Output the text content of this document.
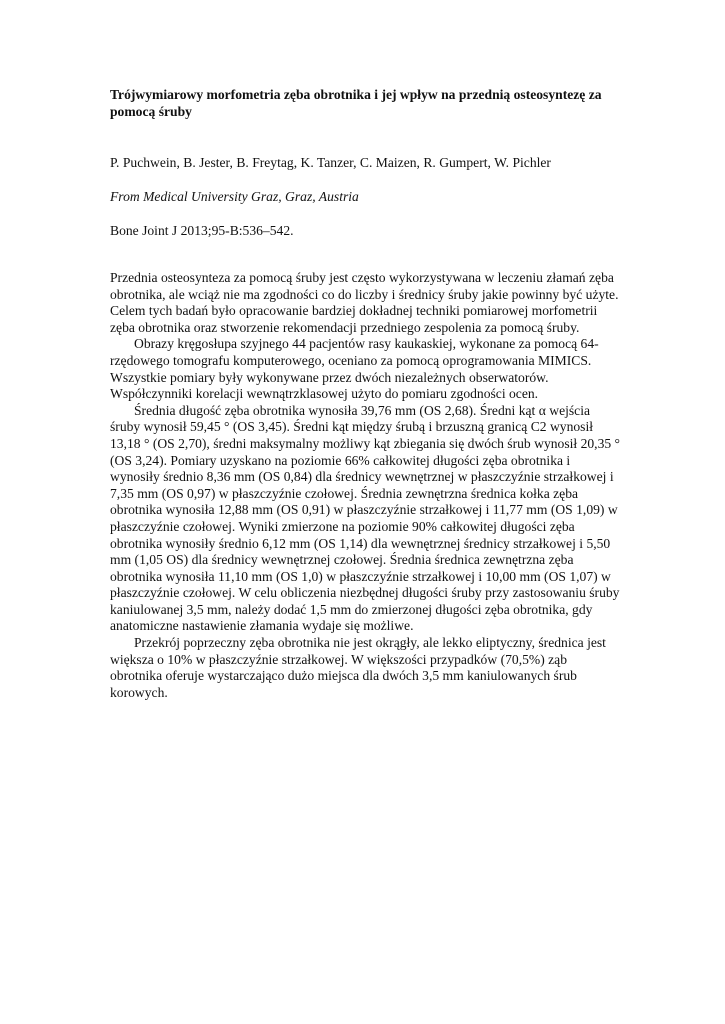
Trójwymiarowy morfometria zęba obrotnika i jej wpływ na przednią osteosyntezę za pomocą śruby

P. Puchwein, B. Jester, B. Freytag, K. Tanzer, C. Maizen, R. Gumpert, W. Pichler

From Medical University Graz, Graz, Austria

Bone Joint J 2013;95-B:536–542.

Przednia osteosynteza za pomocą śruby jest często wykorzystywana w leczeniu złamań zęba obrotnika, ale wciąż nie ma zgodności co do liczby i średnicy śruby jakie powinny być użyte. Celem tych badań było opracowanie bardziej dokładnej techniki pomiarowej morfometrii zęba obrotnika oraz stworzenie rekomendacji przedniego zespolenia za pomocą śruby.

Obrazy kręgosłupa szyjnego 44 pacjentów rasy kaukaskiej, wykonane za pomocą 64-rzędowego tomografu komputerowego, oceniano za pomocą oprogramowania MIMICS. Wszystkie pomiary były wykonywane przez dwóch niezależnych obserwatorów. Współczynniki korelacji wewnątrzklasowej użyto do pomiaru zgodności ocen.

Średnia długość zęba obrotnika wynosiła 39,76 mm (OS 2,68). Średni kąt α wejścia śruby wynosił 59,45 ° (OS 3,45). Średni kąt między śrubą i brzuszną granicą C2 wynosił 13,18 ° (OS 2,70), średni maksymalny możliwy kąt zbiegania się dwóch śrub wynosił 20,35 ° (OS 3,24). Pomiary uzyskano na poziomie 66% całkowitej długości zęba obrotnika i wynosiły średnio 8,36 mm (OS 0,84) dla średnicy wewnętrznej w płaszczyźnie strzałkowej i 7,35 mm (OS 0,97) w płaszczyźnie czołowej. Średnia zewnętrzna średnica kołka zęba obrotnika wynosiła 12,88 mm (OS 0,91) w płaszczyźnie strzałkowej i 11,77 mm (OS 1,09) w płaszczyźnie czołowej. Wyniki zmierzone na poziomie 90% całkowitej długości zęba obrotnika wynosiły średnio 6,12 mm (OS 1,14) dla wewnętrznej średnicy strzałkowej i 5,50 mm (1,05 OS) dla średnicy wewnętrznej czołowej. Średnia średnica zewnętrzna zęba obrotnika wynosiła 11,10 mm (OS 1,0) w płaszczyźnie strzałkowej i 10,00 mm (OS 1,07) w płaszczyźnie czołowej. W celu obliczenia niezbędnej długości śruby przy zastosowaniu śruby kaniulowanej 3,5 mm, należy dodać 1,5 mm do zmierzonej długości zęba obrotnika, gdy anatomiczne nastawienie złamania wydaje się możliwe.

Przekrój poprzeczny zęba obrotnika nie jest okrągły, ale lekko eliptyczny, średnica jest większa o 10% w płaszczyźnie strzałkowej. W większości przypadków (70,5%) ząb obrotnika oferuje wystarczająco dużo miejsca dla dwóch 3,5 mm kaniulowanych śrub korowych.
